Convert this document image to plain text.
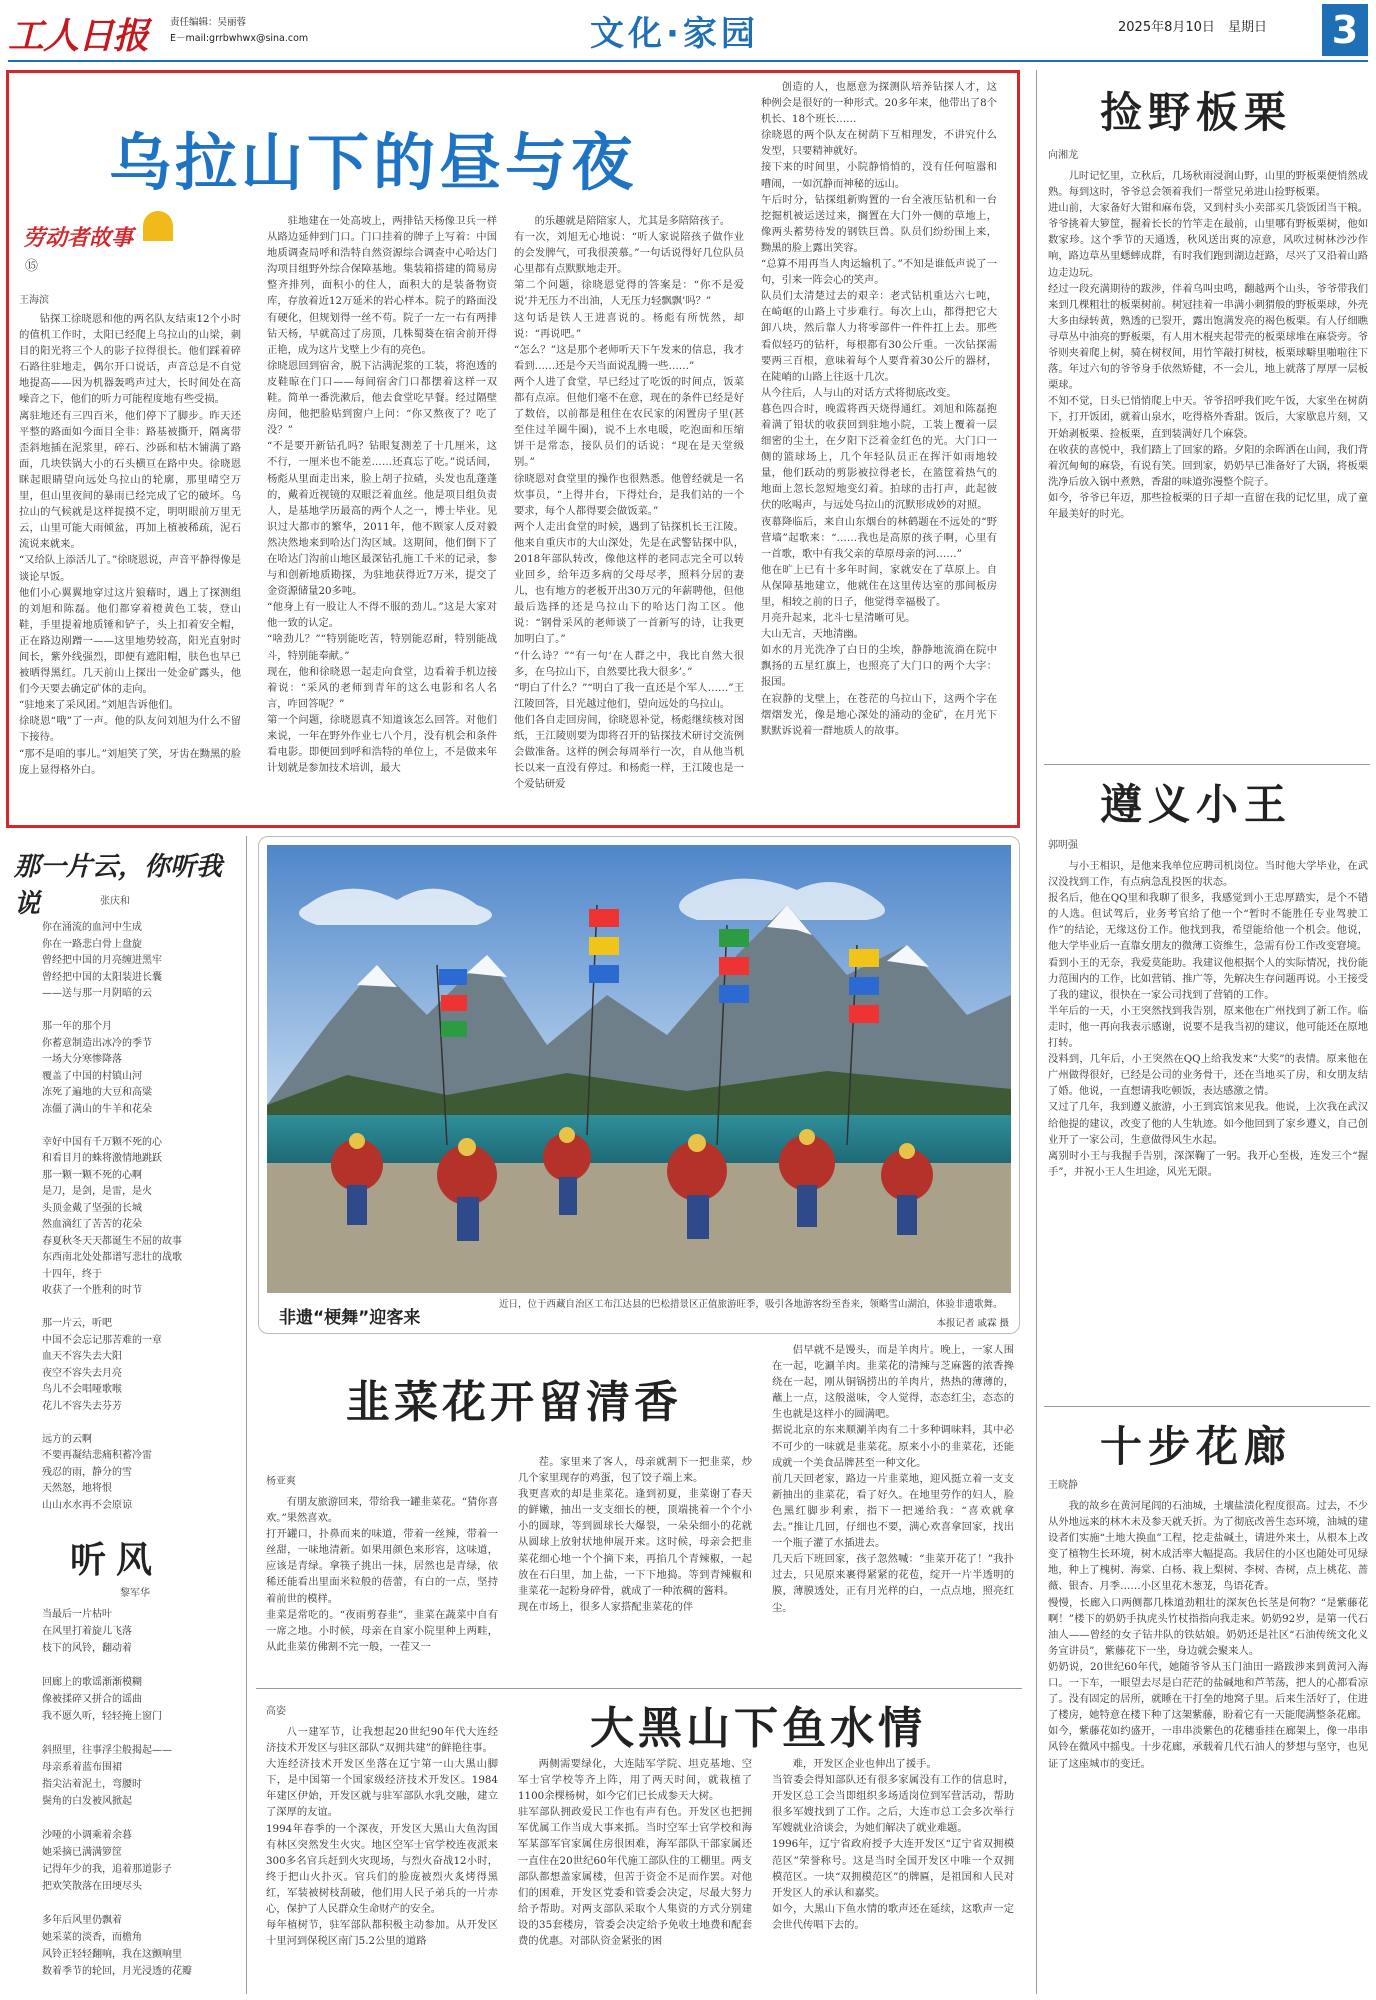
工人日报	责任编辑：吴丽蓉
E－mail:grrbwhwx@sina.com	文化·家园	2025年8月10日	星期日	3
乌拉山下的昼与夜
劳动者故事
⑮
王海滨
钻探工徐晓恩和他的两名队友结束12个小时的值机工作时，太阳已经爬上乌拉山的山梁，刺目的阳光将三个人的影子拉得很长。他们踩着碎石路往驻地走，偶尔开口说话，声音总是不自觉地提高——因为机器轰鸣声过大，长时间处在高噪音之下，他们的听力可能程度地有些受损。
离驻地还有三四百米，他们停下了脚步。昨天还平整的路面如今面目全非：路基被撕开，隔离带歪斜地插在泥浆里，碎石、沙砾和枯木铺满了路面，几块铁锅大小的石头横亘在路中央。徐晓恩眯起眼睛望向远处乌拉山的轮廓，那里晴空万里，但山里夜间的暴雨已经完成了它的破坏。乌拉山的气候就是这样捉摸不定，明明眼前万里无云，山里可能大雨倾盆，再加上植被稀疏，泥石流说来就来。
“又给队上添活儿了。”徐晓恩说，声音平静得像是谈论早饭。
他们小心翼翼地穿过这片狼藉时，遇上了探测组的刘旭和陈磊。他们都穿着橙黄色工装，登山鞋，手里提着地质锤和铲子，头上扣着安全帽，正在路边剐蹭一——这里地势较高，阳光直射时间长，紫外线强烈，即便有遮阳帽，肤色也早已被晒得黑红。几天前山上探出一处金矿露头，他们今天要去确定矿体的走向。
“驻地来了采风团。”刘旭告诉他们。
徐晓恩“哦”了一声。他的队友问刘旭为什么不留下接待。
“那不是咱的事儿。”刘旭笑了笑，牙齿在黝黑的脸庞上显得格外白。
驻地建在一处高坡上，两排钻天杨像卫兵一样从路边延伸到门口。门口挂着的牌子上写着：中国地质调查局呼和浩特自然资源综合调查中心哈达门沟项目组野外综合保障基地。集装箱搭建的简易房整齐排列，面积小的住人，面积大的是装备物资库，存放着近12万延米的岩心样本。院子的路面没有硬化，但规划得一丝不苟。院子一左一右有两排钻天杨，早就高过了房顶，几株蜀葵在宿舍前开得正艳，成为这片戈壁上少有的亮色。
徐晓恩回到宿舍，脱下沾满泥浆的工装，将泡透的皮鞋晾在门口——每间宿舍门口都摆着这样一双鞋。简单一番洗漱后，他去食堂吃早餐。经过隔壁房间，他把脸贴到窗户上问：“你又熬夜了？吃了没？”
“不是要开新钻孔吗？钻眼复测差了十几厘米，这不行，一厘米也不能差……还真忘了吃。”说话间，杨彪从里面走出来，脸上胡子拉碴，头发也乱蓬蓬的，戴着近视镜的双眼泛着血丝。他是项目组负责人，是基地学历最高的两个人之一，博士毕业。见识过大都市的繁华，2011年，他不顾家人反对毅然决然地来到哈达门沟区域。这期间，他们倒下了在哈达门沟前山地区最深钻孔施工千米的记录，参与和创新地质勘探，为驻地获得近7万米，提交了金资源储量20多吨。
“他身上有一股让人不得不服的劲儿。”这是大家对他一致的认定。
“啥劲儿？”“特别能吃苦，特别能忍耐，特别能战斗，特别能奉献。”
现在，他和徐晓恩一起走向食堂，边看着手机边接着说：“采风的老师到青年的这么电影和名人名言，咋回答呢？”
第一个问题，徐晓恩真不知道该怎么回答。对他们来说，一年在野外作业七八个月，没有机会和条件看电影。即便回到呼和浩特的单位上，不是做来年计划就是参加技术培训，最大
的乐趣就是陪陪家人，尤其是多陪陪孩子。
有一次，刘旭无心地说：“听人家说陪孩子做作业的会发脾气，可我很羡慕。”一句话说得好几位队员心里都有点默默地走开。
第二个问题，徐晓恩觉得的答案是：“你不是爱说‘并无压力不出油，人无压力轻飘飘’吗？”
这句话是铁人王进喜说的。杨彪有所恍然，却说：“再说吧。”
“怎么？”这是那个老师听天下午发来的信息，我才看到……还是今天当面说乱腾一些……”
两个人进了食堂，早已经过了吃饭的时间点，饭菜都有点凉。但他们毫不在意，现在的条件已经是好了数倍，以前都是租住在农民家的闲置房子里(甚至住过羊圈牛圈)，说不上水电暖，吃泡面和压缩饼干是常态，接队员们的话说：“现在是天堂级别。”
徐晓恩对食堂里的操作也很熟悉。他曾经就是一名炊事员，“上得井台，下得灶台，是我们站的一个要求，每个人都得要会做饭菜。”
两个人走出食堂的时候，遇到了钻探机长王江陵。他来自重庆市的大山深处，先是在武警钻探中队，2018年部队转改，像他这样的老同志完全可以转业回乡，给年迈多病的父母尽孝，照料分居的妻儿，也有地方的老板开出30万元的年薪聘他，但他最后选择的还是乌拉山下的哈达门沟工区。他说：“钢骨采风的老师谈了一首新写的诗，让我更加明白了。”
“什么诗？”“有一句‘在人群之中，我比自然大很多，在乌拉山下，自然要比我大很多’。”
“明白了什么？”“明白了我一直还是个军人……”王江陵回答，目光越过他们，望向远处的乌拉山。
他们各自走回房间，徐晓恩补觉，杨彪继续核对图纸，王江陵则要为即将召开的钻探技术研讨交流例会做准备。这样的例会每周举行一次，自从他当机长以来一直没有停过。和杨彪一样，王江陵也是一个爱钻研爱
创造的人，也愿意为探测队培养钻探人才，这种例会是很好的一种形式。20多年来，他带出了8个机长、18个班长……
徐晓恩的两个队友在树荫下互相理发，不讲究什么发型，只要精神就好。
接下来的时间里，小院静悄悄的，没有任何喧嚣和嘈闹，一如沉静而神秘的远山。
午后时分，钻探组新购置的一台全液压钻机和一台挖掘机被运送过来，搁置在大门外一侧的草地上，像两头蓄势待发的钢铁巨兽。队员们纷纷围上来，黝黑的脸上露出笑容。
“总算不用再当人肉运输机了。”不知是谁低声说了一句，引来一阵会心的笑声。
队员们太清楚过去的艰辛：老式钻机重达六七吨，在崎岖的山路上寸步难行。每次上山，都得把它大卸八块，然后靠人力将零部件一件件扛上去。那些看似轻巧的钻杆，每根都有30公斤重。一次钻探需要两三百根，意味着每个人要背着30公斤的器材，在陡峭的山路上往返十几次。
从今往后，人与山的对话方式将彻底改变。
暮色四合时，晚霞将西天烧得通红。刘旭和陈磊抱着满了铅状的收获回到驻地小院，工装上覆着一层细密的尘土，在夕阳下泛着金红色的光。大门口一侧的篮球场上，几个年轻队员正在挥汗如雨地较量，他们跃动的剪影被拉得老长，在篮筐着热气的地面上忽长忽短地变幻着。拍球的击打声，此起彼伏的吆喝声，与远处乌拉山的沉默形成妙的对照。
夜幕降临后，来自山东烟台的林鹤题在不远处的“野营墙”起歌来：“……我也是高原的孩子啊，心里有一首歌，歌中有我父亲的草原母亲的河……”
他在旷上已有十多年时间，家就安在了草原上。自从保障基地建立，他就住在这里传达室的那间板房里，相较之前的日子，他觉得幸福极了。
月亮升起来，北斗七星清晰可见。
大山无言，天地清幽。
如水的月光洗净了白日的尘埃，静静地流淌在院中飘扬的五星红旗上，也照亮了大门口的两个大字：报国。
在寂静的戈壁上，在苍茫的乌拉山下，这两个字在熠熠发光，像是地心深处的涌动的金矿，在月光下默默诉说着一群地质人的故事。
捡野板栗
向湘龙
儿时记忆里，立秋后，几场秋雨浸润山野，山里的野板栗便悄然成熟。每到这时，爷爷总会领着我们一帮堂兄弟进山捡野板栗。
进山前，大家备好大钳和麻布袋，又到村头小卖部买几袋饭团当干粮。爷爷挑着大箩筐，握着长长的竹竿走在最前，山里哪有野板栗树，他如数家珍。这个季节的天通透，秋风送出爽的凉意，风吹过树林沙沙作响，路边草丛里蟋蟀成群，有时我们跑到湖边赶路，尽兴了又沿着山路边走边玩。
经过一段充满期待的跋涉，伴着乌叫虫鸣，翻越两个山头，爷爷带我们来到几棵粗壮的板栗树前。树冠挂着一串满小刺猬般的野板栗球，外壳大多由绿转黄，熟透的已裂开，露出饱满发亮的褐色板栗。有人仔细瞧寻草丛中油亮的野板栗，有人用木棍夹起带壳的板栗球堆在麻袋旁。爷爷则夹着爬上树，骑在树杈间，用竹竿敲打树枝，板栗球噼里啪啦往下落。年过六旬的爷爷身手依然矫健，不一会儿，地上就落了厚厚一层板栗球。
不知不觉，日头已悄悄爬上中天。爷爷招呼我们吃午饭，大家坐在树荫下，打开饭团，就着山泉水，吃得格外香甜。饭后，大家歇息片刻，又开始剥板栗、捡板栗，直到装满好几个麻袋。
在收获的喜悦中，我们踏上了回家的路。夕阳的余晖洒在山间，我们背着沉甸甸的麻袋，有说有笑。回到家，奶奶早已准备好了大锅，将板栗洗净后放入锅中煮熟，香甜的味道弥漫整个院子。
如今，爷爷已年迈，那些捡板栗的日子却一直留在我的记忆里，成了童年最美好的时光。
遵义小王
郭明强
与小王相识，是他来我单位应聘司机岗位。当时他大学毕业，在武汉没找到工作，有点病急乱投医的状态。
报名后，他在QQ里和我聊了很多，我感觉到小王忠厚踏实，是个不错的人选。但试驾后，业务考官给了他一个“暂时不能胜任专业驾驶工作”的结论，无缘这份工作。他找到我，希望能给他一个机会。他说，他大学毕业后一直靠女朋友的微薄工资维生，急需有份工作改变窘境。
看到小王的无奈，我爱莫能助。我建议他根据个人的实际情况，找份能力范围内的工作，比如营销、推广等，先解决生存问题再说。小王接受了我的建议，很快在一家公司找到了营销的工作。
半年后的一天，小王突然找到我告别，原来他在广州找到了新工作。临走时，他一再向我表示感谢，说要不是我当初的建议，他可能还在原地打转。
没料到，几年后，小王突然在QQ上给我发来“大奖”的表情。原来他在广州做得很好，已经是公司的业务骨干，还在当地买了房，和女朋友结了婚。他说，一直想请我吃顿饭，表达感激之情。
又过了几年，我到遵义旅游，小王到宾馆来见我。他说，上次我在武汉给他提的建议，改变了他的人生轨迹。如今他回到了家乡遵义，自己创业开了一家公司，生意做得风生水起。
离别时小王与我握手告别，深深鞠了一躬。我开心至极，连发三个“握手”，并祝小王人生坦途，风光无限。
十步花廊
王晓静
我的故乡在黄河尾闾的石油城，土壤盐渍化程度很高。过去，不少从外地远来的林木未及参天就夭折。为了彻底改善生态环境，油城的建设者们实施“土地大换血”工程，挖走盐碱土，请进外来土，从根本上改变了植物生长环境，树木成活率大幅提高。我居住的小区也随处可见绿地，种上了槐树、海棠、白杨、栽上梨树、李树、杏树，点上桃花、蔷薇、银杏、月季……小区里花木葱茏，鸟语花香。
慢慢，长廊入口两侧都几株道劲粗壮的深灰色长茎是何物？“是紫藤花啊！”楼下的奶奶手执虎头竹杖指指向我走来。奶奶92岁，是第一代石油人——曾经的女子钻井队的铁姑娘。奶奶还是社区“石油传统文化义务宣讲员”，紫藤花下一坐，身边就会聚来人。
奶奶说，20世纪60年代，她随爷爷从玉门油田一路跋涉来到黄河入海口。一下车，一眼望去尽是白茫茫的盐碱地和芦苇荡，把人的心都看凉了。没有固定的居所，就睡在干打垒的地窝子里。后来生活好了，住进了楼房，她特意在楼下种了这架紫藤，盼着它有一天能爬满整条花廊。
如今，紫藤花如约盛开，一串串淡紫色的花穗垂挂在廊架上，像一串串风铃在微风中摇曳。十步花廊，承载着几代石油人的梦想与坚守，也见证了这座城市的变迁。
那一片云，你听我说	张庆和
你在涌流的血河中生成
你在一路悲白骨上盘旋
曾经把中国的月亮缠进黑牢
曾经把中国的太阳装进长囊
——送与那一月阴暗的云

那一年的那个月
你蓄意制造出冰冷的季节
一场大分寒惨降落
覆盖了中国的村镇山河
冻死了遍地的大豆和高粱
冻僵了满山的牛羊和花朵

幸好中国有千万颗不死的心
和看目月的蛛将激情地跳跃
那一颗一颗不死的心啊
是刀，是剑，是雷，是火
头顶金戴了坚强的长城
然血滴红了苦苦的花朵
春夏秋冬天天都诞生不屈的故事
东西南北处处都谱写悲壮的战歌
十四年，终于
收获了一个胜利的时节

那一片云，听吧
中国不会忘记那苦难的一章
血天不容失去大阳
夜空不容失去月亮
鸟儿不会唱哑歌喉
花儿不容失去芬芳

远方的云啊
不要再凝结悲痛积蓄冷雷
残忍的雨，静分的雪
天然怒，地将恨
山山水水再不会原谅
听风
黎军华
当最后一片枯叶
在风里打着旋儿飞落
枝下的风铃，翻动着

回廊上的歌谣渐渐模糊
像被揉碎又拼合的谣曲
我不愿久听，轻轻掩上窗门

斜照里，往事浮尘般揭起——
母亲系着蓝布围裙
指尖沾着泥土，弯腰时
鬓角的白发被风掀起

沙哑的小调乘着余暮
她采摘已满满箩筐
记得年少的我，追着那道影子
把欢笑散落在田埂尽头

多年后风里仍飘着
她采菜的淡香，而檐角
风铃正轻轻翻响，我在这颤响里
数着季节的轮回，月光浸透的花瓣
非遗“梗舞”迎客来
近日，位于西藏自治区工布江达县的巴松措景区正值旅游旺季，吸引各地游客纷至沓来，领略雪山湖泊，体验非遗歌舞。
本报记者 戚霖 摄
韭菜花开留清香
杨亚爽
有朋友旅游回来，带给我一罐韭菜花。“猜你喜欢。”果然喜欢。
打开罐口，扑鼻而来的味道，带着一丝辣，带着一丝甜，一味地清新。如果用颜色来形容，这味道，应该是青绿。拿筷子挑出一抹，居然也是青绿，依稀还能看出里面米粒般的蓓蕾，有白的一点，坚持着前世的模样。
韭菜是常吃的。“夜雨剪春韭”，韭菜在蔬菜中自有一席之地。小时候，母亲在自家小院里种上两畦，从此韭菜仿佛割不完一般，一茬又一
茬。家里来了客人，母亲就割下一把韭菜，炒几个家里现存的鸡蛋，包了饺子端上来。
我更喜欢的却是韭菜花。逢到初夏，韭菜谢了春天的鲜嫩，抽出一支支细长的梗，顶端挑着一个个小小的圆球，等到圆球长大爆裂，一朵朵细小的花就从圆球上放射状地伸展开来。这时候，母亲会把韭菜花细心地一个个摘下来，再掐几个青辣椒，一起放在石臼里，加上盐，一下下地捣。等到青辣椒和韭菜花一起粉身碎骨，就成了一种浓稠的酱料。
现在市场上，很多人家搭配韭菜花的伴
侣早就不是馒头，而是羊肉片。晚上，一家人围在一起，吃涮羊肉。韭菜花的清辣与芝麻酱的浓香搀绕在一起，刚从铜锅捞出的羊肉片，热热的薄薄的，蘸上一点，这般滋味，令人觉得，态态红尘，态态的生也就是这样小的圆满吧。
据说北京的东来顺涮羊肉有二十多种调味料，其中必不可少的一味就是韭菜花。原来小小的韭菜花，还能成就一个美食品牌甚至一种文化。
前几天回老家，路边一片韭菜地，迎风挺立着一支支新抽出的韭菜花，看了好久。在地里劳作的妇人，脸色黑红脚步利索，指下一把递给我：“喜欢就拿去。”推让几回，仔细也不要，满心欢喜拿回家，找出一个瓶子灌了水插进去。
几天后下班回家，孩子忽然喊：“韭菜开花了！”我扑过去，只见原来裹得紧紧的花苞，绽开一片半透明的膜，薄膜透处，正有月光样的白，一点点地，照亮红尘。
高姿	大黑山下鱼水情
八一建军节，让我想起20世纪90年代大连经济技术开发区与驻区部队“双拥共建”的鲜艳往事。
大连经济技术开发区坐落在辽宁第一山大黑山脚下，是中国第一个国家级经济技术开发区。1984年建区伊始，开发区就与驻军部队水乳交融，建立了深厚的友谊。
1994年春季的一个深夜，开发区大黑山大鱼沟国有林区突然发生火灾。地区空军士官学校连夜派来300多名官兵赶到火灾现场，与烈火奋战12小时，终于把山火扑灭。官兵们的脸庞被烈火炙烤得黑红，军装被树枝刮破，他们用人民子弟兵的一片赤心，保护了人民群众生命财产的安全。
每年植树节，驻军部队都积极主动参加。从开发区十里河到保税区南门5.2公里的道路
两侧需要绿化，大连陆军学院、坦克基地、空军士官学校等齐上阵，用了两天时间，就栽植了1100余棵杨树，如今它们已长成参天大树。
驻军部队拥政爱民工作也有声有色。开发区也把拥军优属工作当成大事来抓。当时空军士官学校和海军某部军官家属住房很困难，海军部队干部家属还一直住在20世纪60年代施工部队住的工棚里。两支部队都想盖家属楼，但苦于资金不足而作罢。对他们的困难，开发区党委和管委会决定，尽最大努力给予帮助。对两支部队采取个人集资的方式分别建设的35套楼房，管委会决定给予免收土地费和配套费的优惠。对部队资金紧张的困
难，开发区企业也伸出了援手。
当管委会得知部队还有很多家属没有工作的信息时，开发区总工会当即组织多场适岗位到军营活动，帮助很多军嫂找到了工作。之后，大连市总工会多次举行军嫂就业洽谈会，为她们解决了就业难题。
1996年，辽宁省政府授予大连开发区“辽宁省双拥模范区”荣誉称号。这是当时全国开发区中唯一个双拥模范区。一块“双拥模范区”的牌匾，是祖国和人民对开发区人的承认和嘉奖。
如今，大黑山下鱼水情的歌声还在延续，这歌声一定会世代传唱下去的。
